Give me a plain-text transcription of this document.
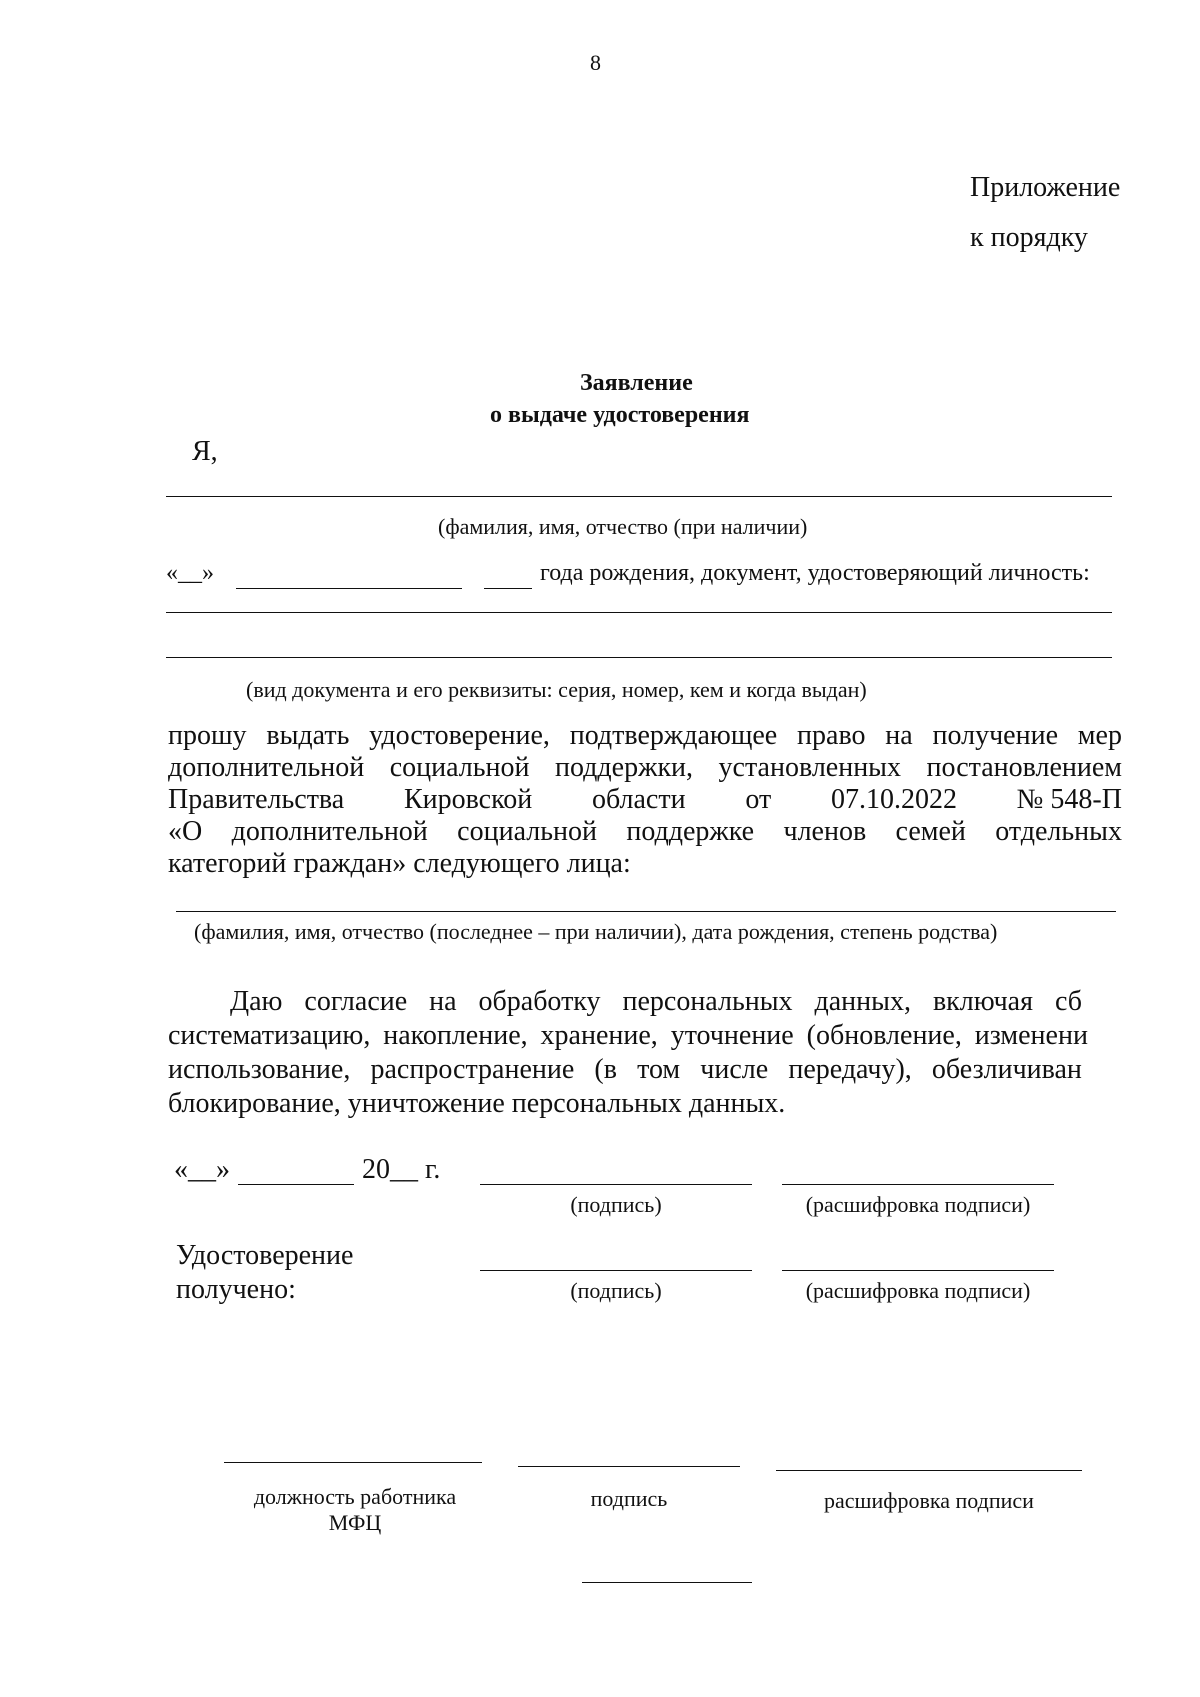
8
Приложение
к порядку
Заявление
о выдаче удостоверения
Я,
(фамилия, имя, отчество (при наличии)
«__»	года рождения, документ, удостоверяющий личность:
(вид документа и его реквизиты: серия, номер, кем и когда выдан)
прошу выдать удостоверение, подтверждающее право на получение мер
дополнительной социальной поддержки, установленных постановлением
Правительства Кировской области от 07.10.2022 № 548-П
«О дополнительной социальной поддержке членов семей отдельных
категорий граждан» следующего лица:
(фамилия, имя, отчество (последнее – при наличии), дата рождения, степень родства)
Даю согласие на обработку персональных данных, включая сб
систематизацию, накопление, хранение, уточнение (обновление, изменени
использование, распространение (в том числе передачу), обезличиван
блокирование, уничтожение персональных данных.
«__»	20__ г.
(подпись)	(расшифровка подписи)
Удостоверение
получено:	(подпись)	(расшифровка подписи)
должность работника
МФЦ
подпись	расшифровка подписи
